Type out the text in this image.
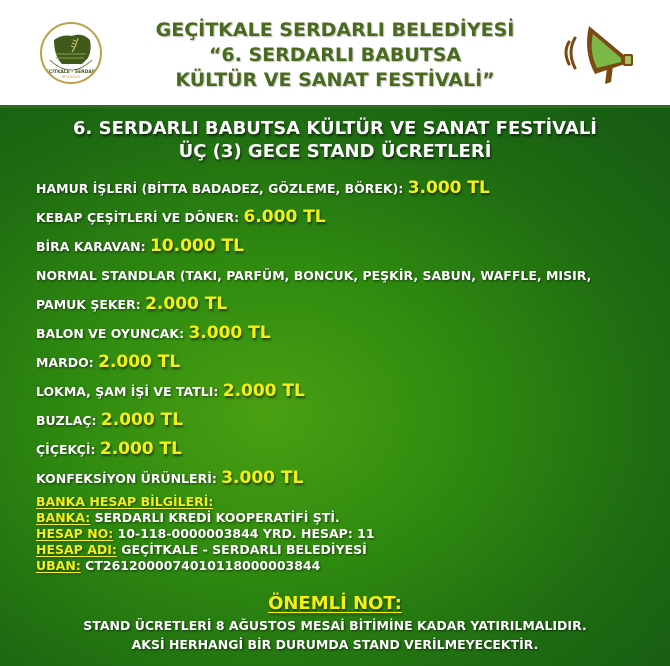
GEÇİTKALE - SERDARLI
BELEDİYESİ
GEÇİTKALE SERDARLI BELEDİYESİ
“6. SERDARLI BABUTSA
KÜLTÜR VE SANAT FESTİVALİ”
6. SERDARLI BABUTSA KÜLTÜR VE SANAT FESTİVALİ
ÜÇ (3) GECE STAND ÜCRETLERİ
HAMUR İŞLERİ (BİTTA BADADEZ, GÖZLEME, BÖREK): 3.000 TL
KEBAP ÇEŞİTLERİ VE DÖNER: 6.000 TL
BİRA KARAVAN: 10.000 TL
NORMAL STANDLAR (TAKI, PARFÜM, BONCUK, PEŞKİR, SABUN, WAFFLE, MISIR,
PAMUK ŞEKER: 2.000 TL
BALON VE OYUNCAK: 3.000 TL
MARDO: 2.000 TL
LOKMA, ŞAM İŞİ VE TATLI: 2.000 TL
BUZLAÇ: 2.000 TL
ÇİÇEKÇİ: 2.000 TL
KONFEKSİYON ÜRÜNLERİ: 3.000 TL
BANKA HESAP BİLGİLERİ:
BANKA: SERDARLI KREDİ KOOPERATİFİ ŞTİ.
HESAP NO: 10-118-0000003844 YRD. HESAP: 11
HESAP ADI: GEÇİTKALE - SERDARLI BELEDİYESİ
UBAN: CT2612000074010118000003844
ÖNEMLİ NOT:
STAND ÜCRETLERİ 8 AĞUSTOS MESAİ BİTİMİNE KADAR YATIRILMALIDIR.
AKSİ HERHANGİ BİR DURUMDA STAND VERİLMEYECEKTİR.
